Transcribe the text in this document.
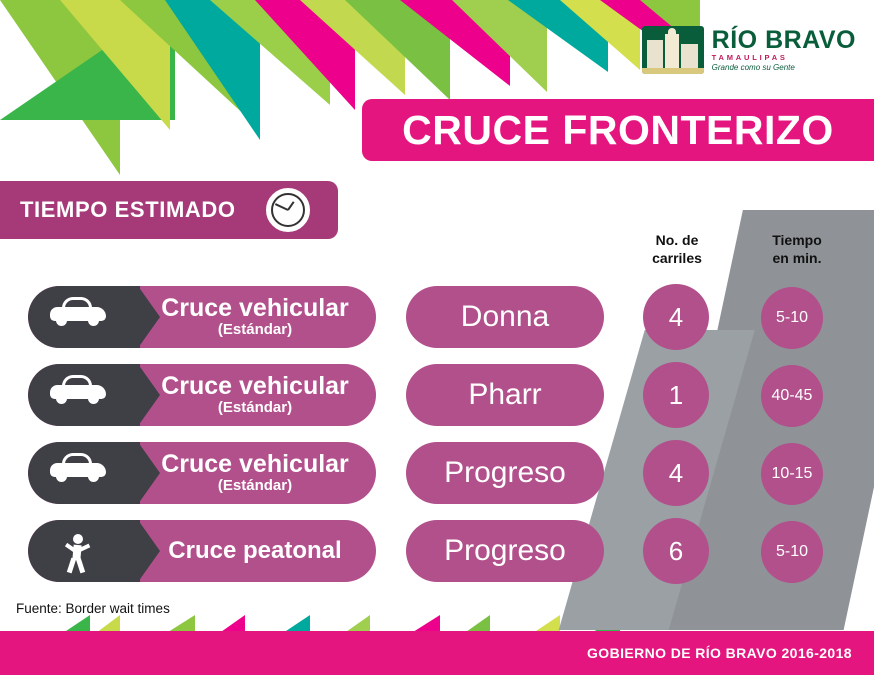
RÍO BRAVO
TAMAULIPAS
Grande como su Gente
CRUCE FRONTERIZO
TIEMPO ESTIMADO
No. de
carriles
Tiempo
en min.
Cruce vehicular
(Estándar)	Donna	4	5-10
Cruce vehicular
(Estándar)	Pharr	1	40-45
Cruce vehicular
(Estándar)	Progreso	4	10-15
Cruce peatonal	Progreso	6	5-10
Fuente: Border wait times
GOBIERNO DE RÍO BRAVO 2016-2018
